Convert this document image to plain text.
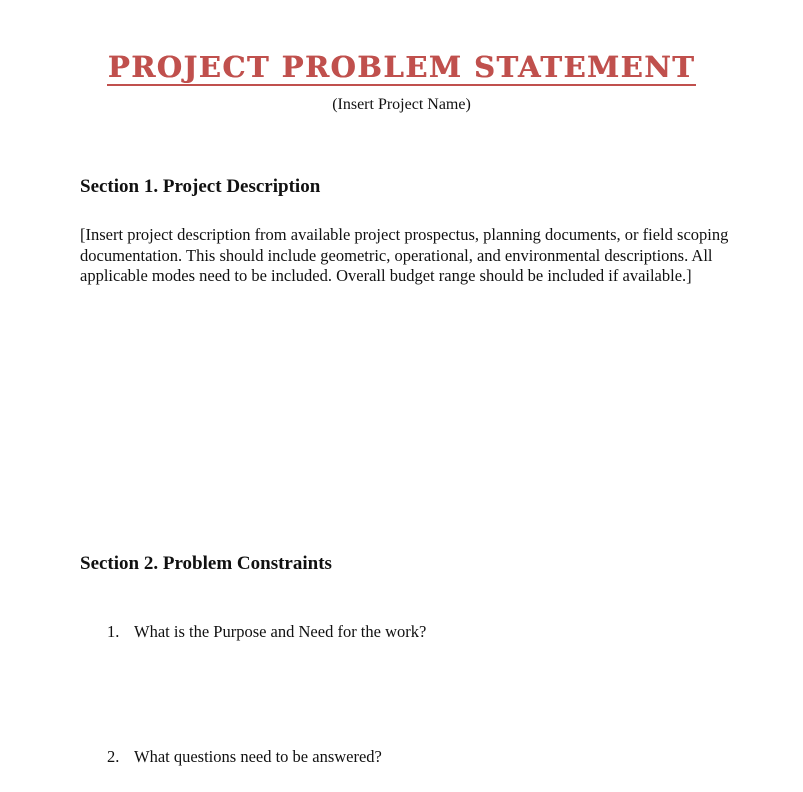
PROJECT PROBLEM STATEMENT

(Insert Project Name)

Section 1. Project Description

[Insert project description from available project prospectus, planning documents, or field scoping documentation. This should include geometric, operational, and environmental descriptions. All applicable modes need to be included. Overall budget range should be included if available.]

Section 2. Problem Constraints

1. What is the Purpose and Need for the work?

2. What questions need to be answered?
